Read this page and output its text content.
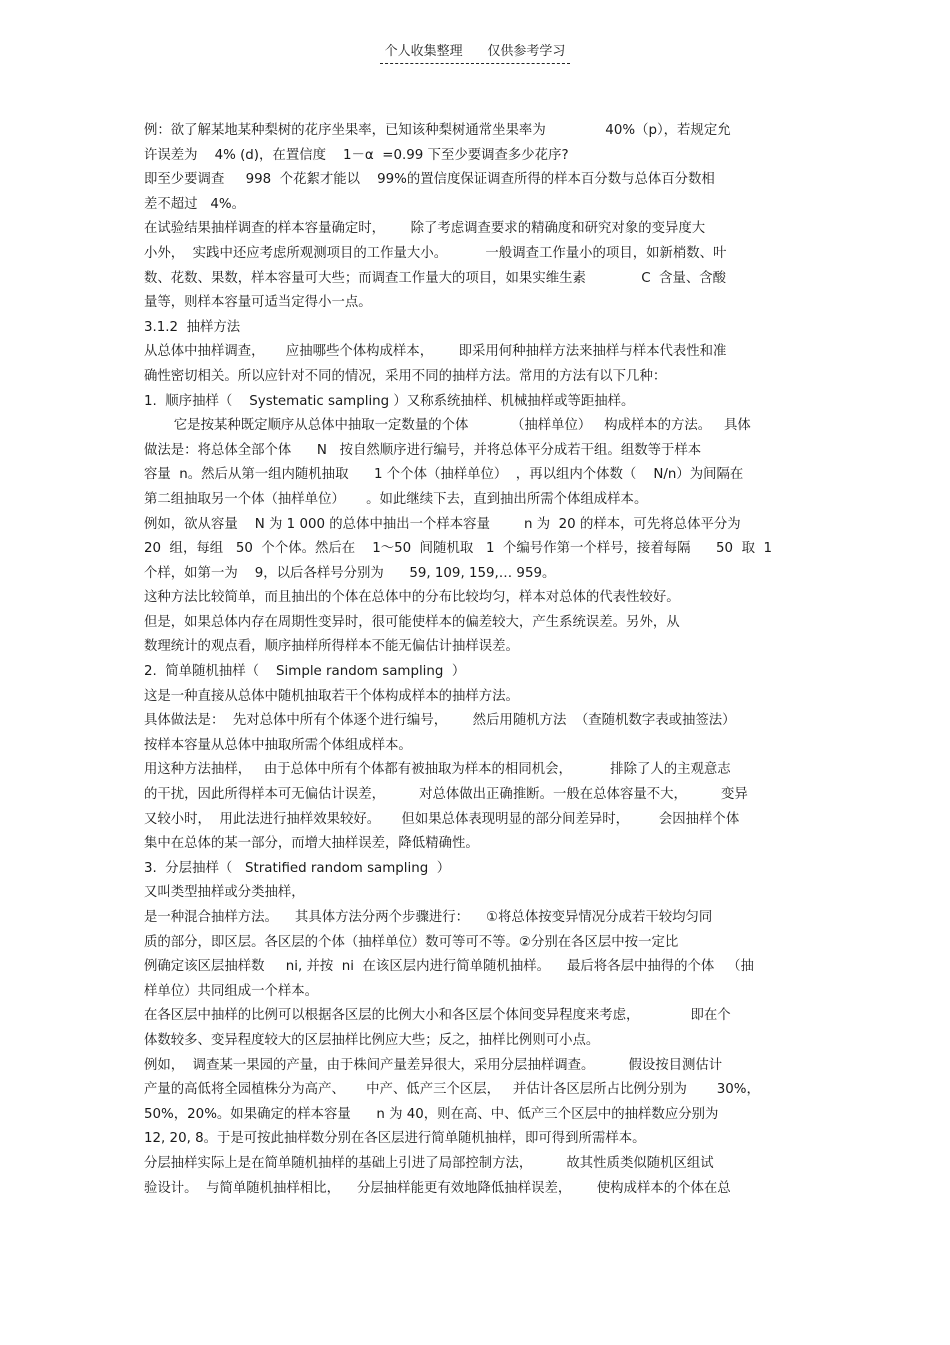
个人收集整理      仅供参考学习
例：欲了解某地某种梨树的花序坐果率，已知该种梨树通常坐果率为              40%（p），若规定允
许误差为    4% (d)，在置信度    1－α  =0.99 下至少要调查多少花序?
即至少要调查     998  个花絮才能以    99%的置信度保证调查所得的样本百分数与总体百分数相
差不超过   4%。
在试验结果抽样调查的样本容量确定时，      除了考虑调查要求的精确度和研究对象的变异度大
小外，  实践中还应考虑所观测项目的工作量大小。         一般调查工作量小的项目，如新梢数、叶
数、花数、果数，样本容量可大些；而调查工作量大的项目，如果实维生素             C  含量、含酸
量等，则样本容量可适当定得小一点。
3.1.2  抽样方法
从总体中抽样调查，     应抽哪些个体构成样本，      即采用何种抽样方法来抽样与样本代表性和准
确性密切相关。所以应针对不同的情况，采用不同的抽样方法。常用的方法有以下几种：
1.  顺序抽样（    Systematic sampling ）又称系统抽样、机械抽样或等距抽样。
它是按某种既定顺序从总体中抽取一定数量的个体          （抽样单位）   构成样本的方法。   具体
做法是：将总体全部个体      N   按自然顺序进行编号，并将总体平分成若干组。组数等于样本
容量  n。然后从第一组内随机抽取      1 个个体（抽样单位）  ，再以组内个体数（    N/n）为间隔在
第二组抽取另一个体（抽样单位）     。如此继续下去，直到抽出所需个体组成样本。
例如，欲从容量    N 为 1 000 的总体中抽出一个样本容量        n 为  20 的样本，可先将总体平分为
20  组，每组   50  个个体。然后在    1～50  间随机取   1  个编号作第一个样号，接着每隔      50  取  1
个样，如第一为    9，以后各样号分别为      59, 109, 159,… 959。
这种方法比较简单，而且抽出的个体在总体中的分布比较均匀，样本对总体的代表性较好。
但是，如果总体内存在周期性变异时，很可能使样本的偏差较大，产生系统误差。另外，从
数理统计的观点看，顺序抽样所得样本不能无偏估计抽样误差。
2.  简单随机抽样（    Simple random sampling  ）
这是一种直接从总体中随机抽取若干个体构成样本的抽样方法。
具体做法是：  先对总体中所有个体逐个进行编号，      然后用随机方法  （查随机数字表或抽签法）
按样本容量从总体中抽取所需个体组成样本。
用这种方法抽样，   由于总体中所有个体都有被抽取为样本的相同机会，         排除了人的主观意志
的干扰，因此所得样本可无偏估计误差，        对总体做出正确推断。一般在总体容量不大，        变异
又较小时，  用此法进行抽样效果较好。     但如果总体表现明显的部分间差异时，       会因抽样个体
集中在总体的某一部分，而增大抽样误差，降低精确性。
3.  分层抽样（   Stratified random sampling  ）
又叫类型抽样或分类抽样，
是一种混合抽样方法。    其具体方法分两个步骤进行：    ①将总体按变异情况分成若干较均匀同
质的部分，即区层。各区层的个体（抽样单位）数可等可不等。②分别在各区层中按一定比
例确定该区层抽样数     ni, 并按  ni  在该区层内进行简单随机抽样。    最后将各层中抽得的个体   （抽
样单位）共同组成一个样本。
在各区层中抽样的比例可以根据各区层的比例大小和各区层个体间变异程度来考虑，            即在个
体数较多、变异程度较大的区层抽样比例应大些；反之，抽样比例则可小点。
例如，  调查某一果园的产量，由于株间产量差异很大，采用分层抽样调查。        假设按目测估计
产量的高低将全园植株分为高产、     中产、低产三个区层，   并估计各区层所占比例分别为       30%，
50%，20%。如果确定的样本容量      n 为 40，则在高、中、低产三个区层中的抽样数应分别为
12, 20, 8。于是可按此抽样数分别在各区层进行简单随机抽样，即可得到所需样本。
分层抽样实际上是在简单随机抽样的基础上引进了局部控制方法，        故其性质类似随机区组试
验设计。  与简单随机抽样相比，    分层抽样能更有效地降低抽样误差，      使构成样本的个体在总
